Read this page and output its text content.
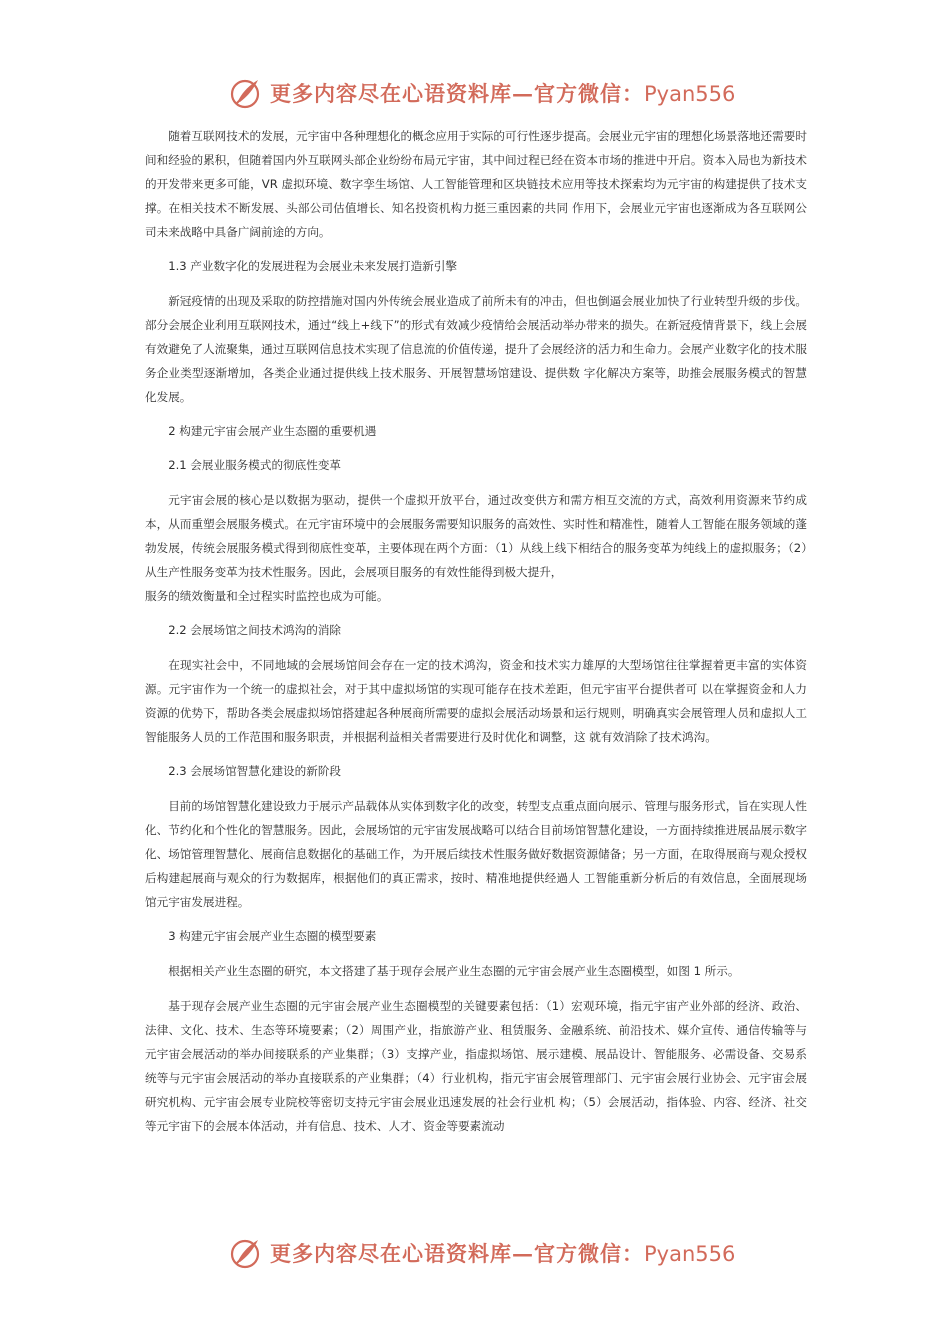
更多内容尽在心语资料库—官方微信：Pyan556

随着互联网技术的发展，元宇宙中各种理想化的概念应用于实际的可行性逐步提高。会展业元宇宙的理想化场景落地还需要时间和经验的累积，但随着国内外互联网头部企业纷纷布局元宇宙，其中间过程已经在资本市场的推进中开启。资本入局也为新技术的开发带来更多可能，VR 虚拟环境、数字孪生场馆、人工智能管理和区块链技术应用等技术探索均为元宇宙的构建提供了技术支撑。在相关技术不断发展、头部公司估值增长、知名投资机构力挺三重因素的共同 作用下，会展业元宇宙也逐渐成为各互联网公司未来战略中具备广阔前途的方向。

1.3 产业数字化的发展进程为会展业未来发展打造新引擎

新冠疫情的出现及采取的防控措施对国内外传统会展业造成了前所未有的冲击，但也倒逼会展业加快了行业转型升级的步伐。部分会展企业利用互联网技术，通过“线上+线下”的形式有效减少疫情给会展活动举办带来的损失。在新冠疫情背景下，线上会展有效避免了人流聚集，通过互联网信息技术实现了信息流的价值传递，提升了会展经济的活力和生命力。会展产业数字化的技术服务企业类型逐渐增加，各类企业通过提供线上技术服务、开展智慧场馆建设、提供数 字化解决方案等，助推会展服务模式的智慧化发展。

2 构建元宇宙会展产业生态圈的重要机遇

2.1 会展业服务模式的彻底性变革

元宇宙会展的核心是以数据为驱动，提供一个虚拟开放平台，通过改变供方和需方相互交流的方式，高效利用资源来节约成本，从而重塑会展服务模式。在元宇宙环境中的会展服务需要知识服务的高效性、实时性和精准性，随着人工智能在服务领域的蓬勃发展，传统会展服务模式得到彻底性变革，主要体现在两个方面：（1）从线上线下相结合的服务变革为纯线上的虚拟服务；（2）从生产性服务变革为技术性服务。因此，会展项目服务的有效性能得到极大提升，

服务的绩效衡量和全过程实时监控也成为可能。

2.2 会展场馆之间技术鸿沟的消除

在现实社会中，不同地域的会展场馆间会存在一定的技术鸿沟，资金和技术实力雄厚的大型场馆往往掌握着更丰富的实体资源。元宇宙作为一个统一的虚拟社会，对于其中虚拟场馆的实现可能存在技术差距，但元宇宙平台提供者可 以在掌握资金和人力资源的优势下，帮助各类会展虚拟场馆搭建起各种展商所需要的虚拟会展活动场景和运行规则，明确真实会展管理人员和虚拟人工智能服务人员的工作范围和服务职责，并根据利益相关者需要进行及时优化和调整，这 就有效消除了技术鸿沟。

2.3 会展场馆智慧化建设的新阶段

目前的场馆智慧化建设致力于展示产品载体从实体到数字化的改变，转型支点重点面向展示、管理与服务形式，旨在实现人性化、节约化和个性化的智慧服务。因此，会展场馆的元宇宙发展战略可以结合目前场馆智慧化建设，一方面持续推进展品展示数字化、场馆管理智慧化、展商信息数据化的基础工作，为开展后续技术性服务做好数据资源储备；另一方面，在取得展商与观众授权后构建起展商与观众的行为数据库，根据他们的真正需求，按时、精准地提供经過人 工智能重新分析后的有效信息，全面展现场馆元宇宙发展进程。

3 构建元宇宙会展产业生态圈的模型要素

根据相关产业生态圈的研究，本文搭建了基于现存会展产业生态圈的元宇宙会展产业生态圈模型，如图 1 所示。

基于现存会展产业生态圈的元宇宙会展产业生态圈模型的关键要素包括：（1）宏观环境，指元宇宙产业外部的经济、政治、法律、文化、技术、生态等环境要素；（2）周围产业，指旅游产业、租赁服务、金融系统、前沿技术、媒介宣传、通信传输等与元宇宙会展活动的举办间接联系的产业集群；（3）支撑产业，指虚拟场馆、展示建模、展品设计、智能服务、必需设备、交易系统等与元宇宙会展活动的举办直接联系的产业集群；（4）行业机构，指元宇宙会展管理部门、元宇宙会展行业协会、元宇宙会展研究机构、元宇宙会展专业院校等密切支持元宇宙会展业迅速发展的社会行业机 构；（5）会展活动，指体验、内容、经济、社交等元宇宙下的会展本体活动，并有信息、技术、人才、资金等要素流动

更多内容尽在心语资料库—官方微信：Pyan556
